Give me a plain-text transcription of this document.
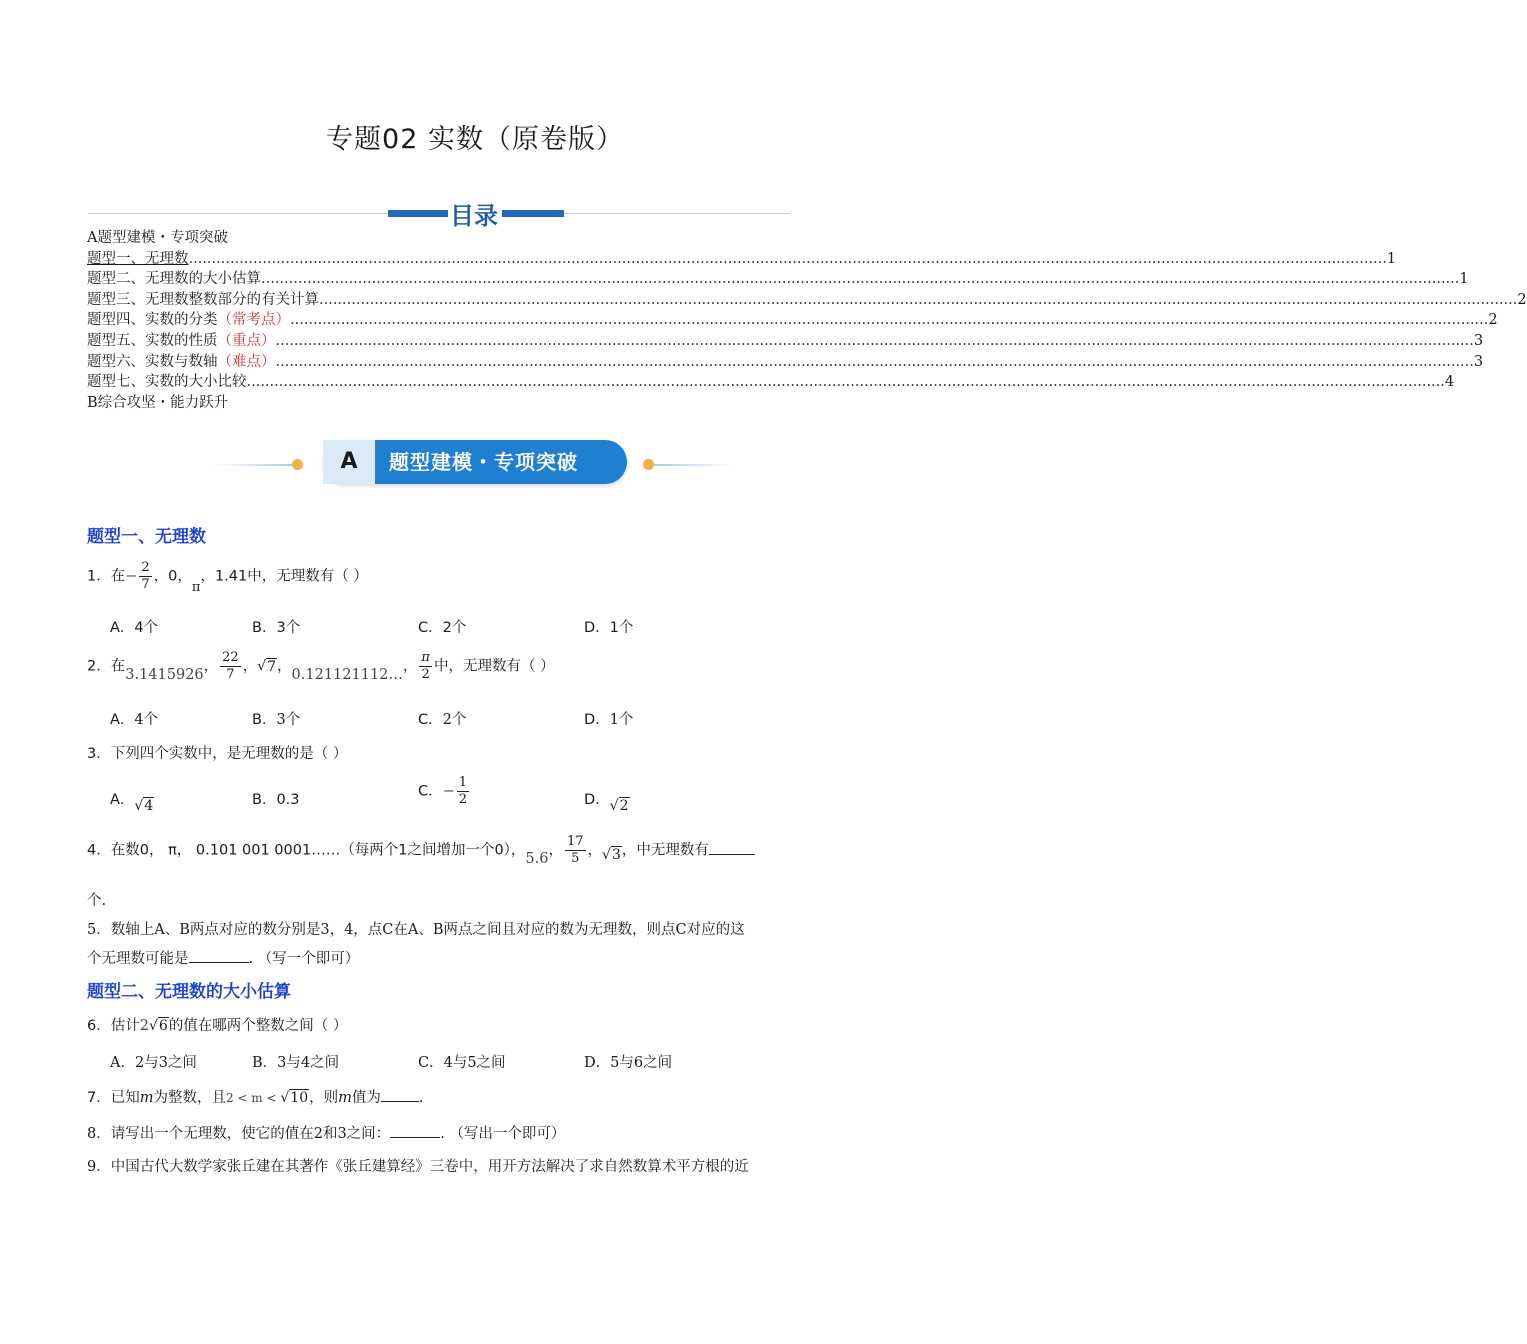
专题02 实数（原卷版）
目录
A题型建模・专项突破
题型一、无理数 .................................................................................................................................................................................................................................................................... 1
题型二、无理数的大小估算 .................................................................................................................................................................................................................................................................... 1
题型三、无理数整数部分的有关计算 .................................................................................................................................................................................................................................................................... 2
题型四、实数的分类 （常考点） .................................................................................................................................................................................................................................................................... 2
题型五、实数的性质 （重点） .................................................................................................................................................................................................................................................................... 3
题型六、实数与数轴 （难点） .................................................................................................................................................................................................................................................................... 3
题型七、实数的大小比较 .................................................................................................................................................................................................................................................................... 4
B综合攻坚・能力跃升
A	题型建模・专项突破
题型一、无理数
1．在− $\frac{2}{7}$ ，0，π，1.41中，无理数有（ ）
A．4个	B．3个	C．2个	D．1个
2．在3.1415926， $\frac{22}{7}$ ，√7，0.121121112…， $\frac{\pi}{2}$ 中，无理数有（ ）
A．4个	B．3个	C．2个	D．1个
3．下列四个实数中，是无理数的是（ ）
A．√4	B．0.3
C．− $\frac{1}{2}$	D．√2
4．在数0， π， 0.101 001 0001……（每两个1之间增加一个0），5.6， $\frac{17}{5}$ ，√3，中无理数有
个.
5．数轴上A、B两点对应的数分别是3，4，点C在A、B两点之间且对应的数为无理数，则点C对应的这
个无理数可能是	. （写一个即可）
题型二、无理数的大小估算
6．估计2√6的值在哪两个整数之间（ ）
A．2与3之间	B．3与4之间	C．4与5之间	D．5与6之间
7．已知m为整数，且2 < m < √10，则m值为	.
8．请写出一个无理数，使它的值在2和3之间：	. （写出一个即可）
9．中国古代大数学家张丘建在其著作《张丘建算经》三卷中，用开方法解决了求自然数算术平方根的近
